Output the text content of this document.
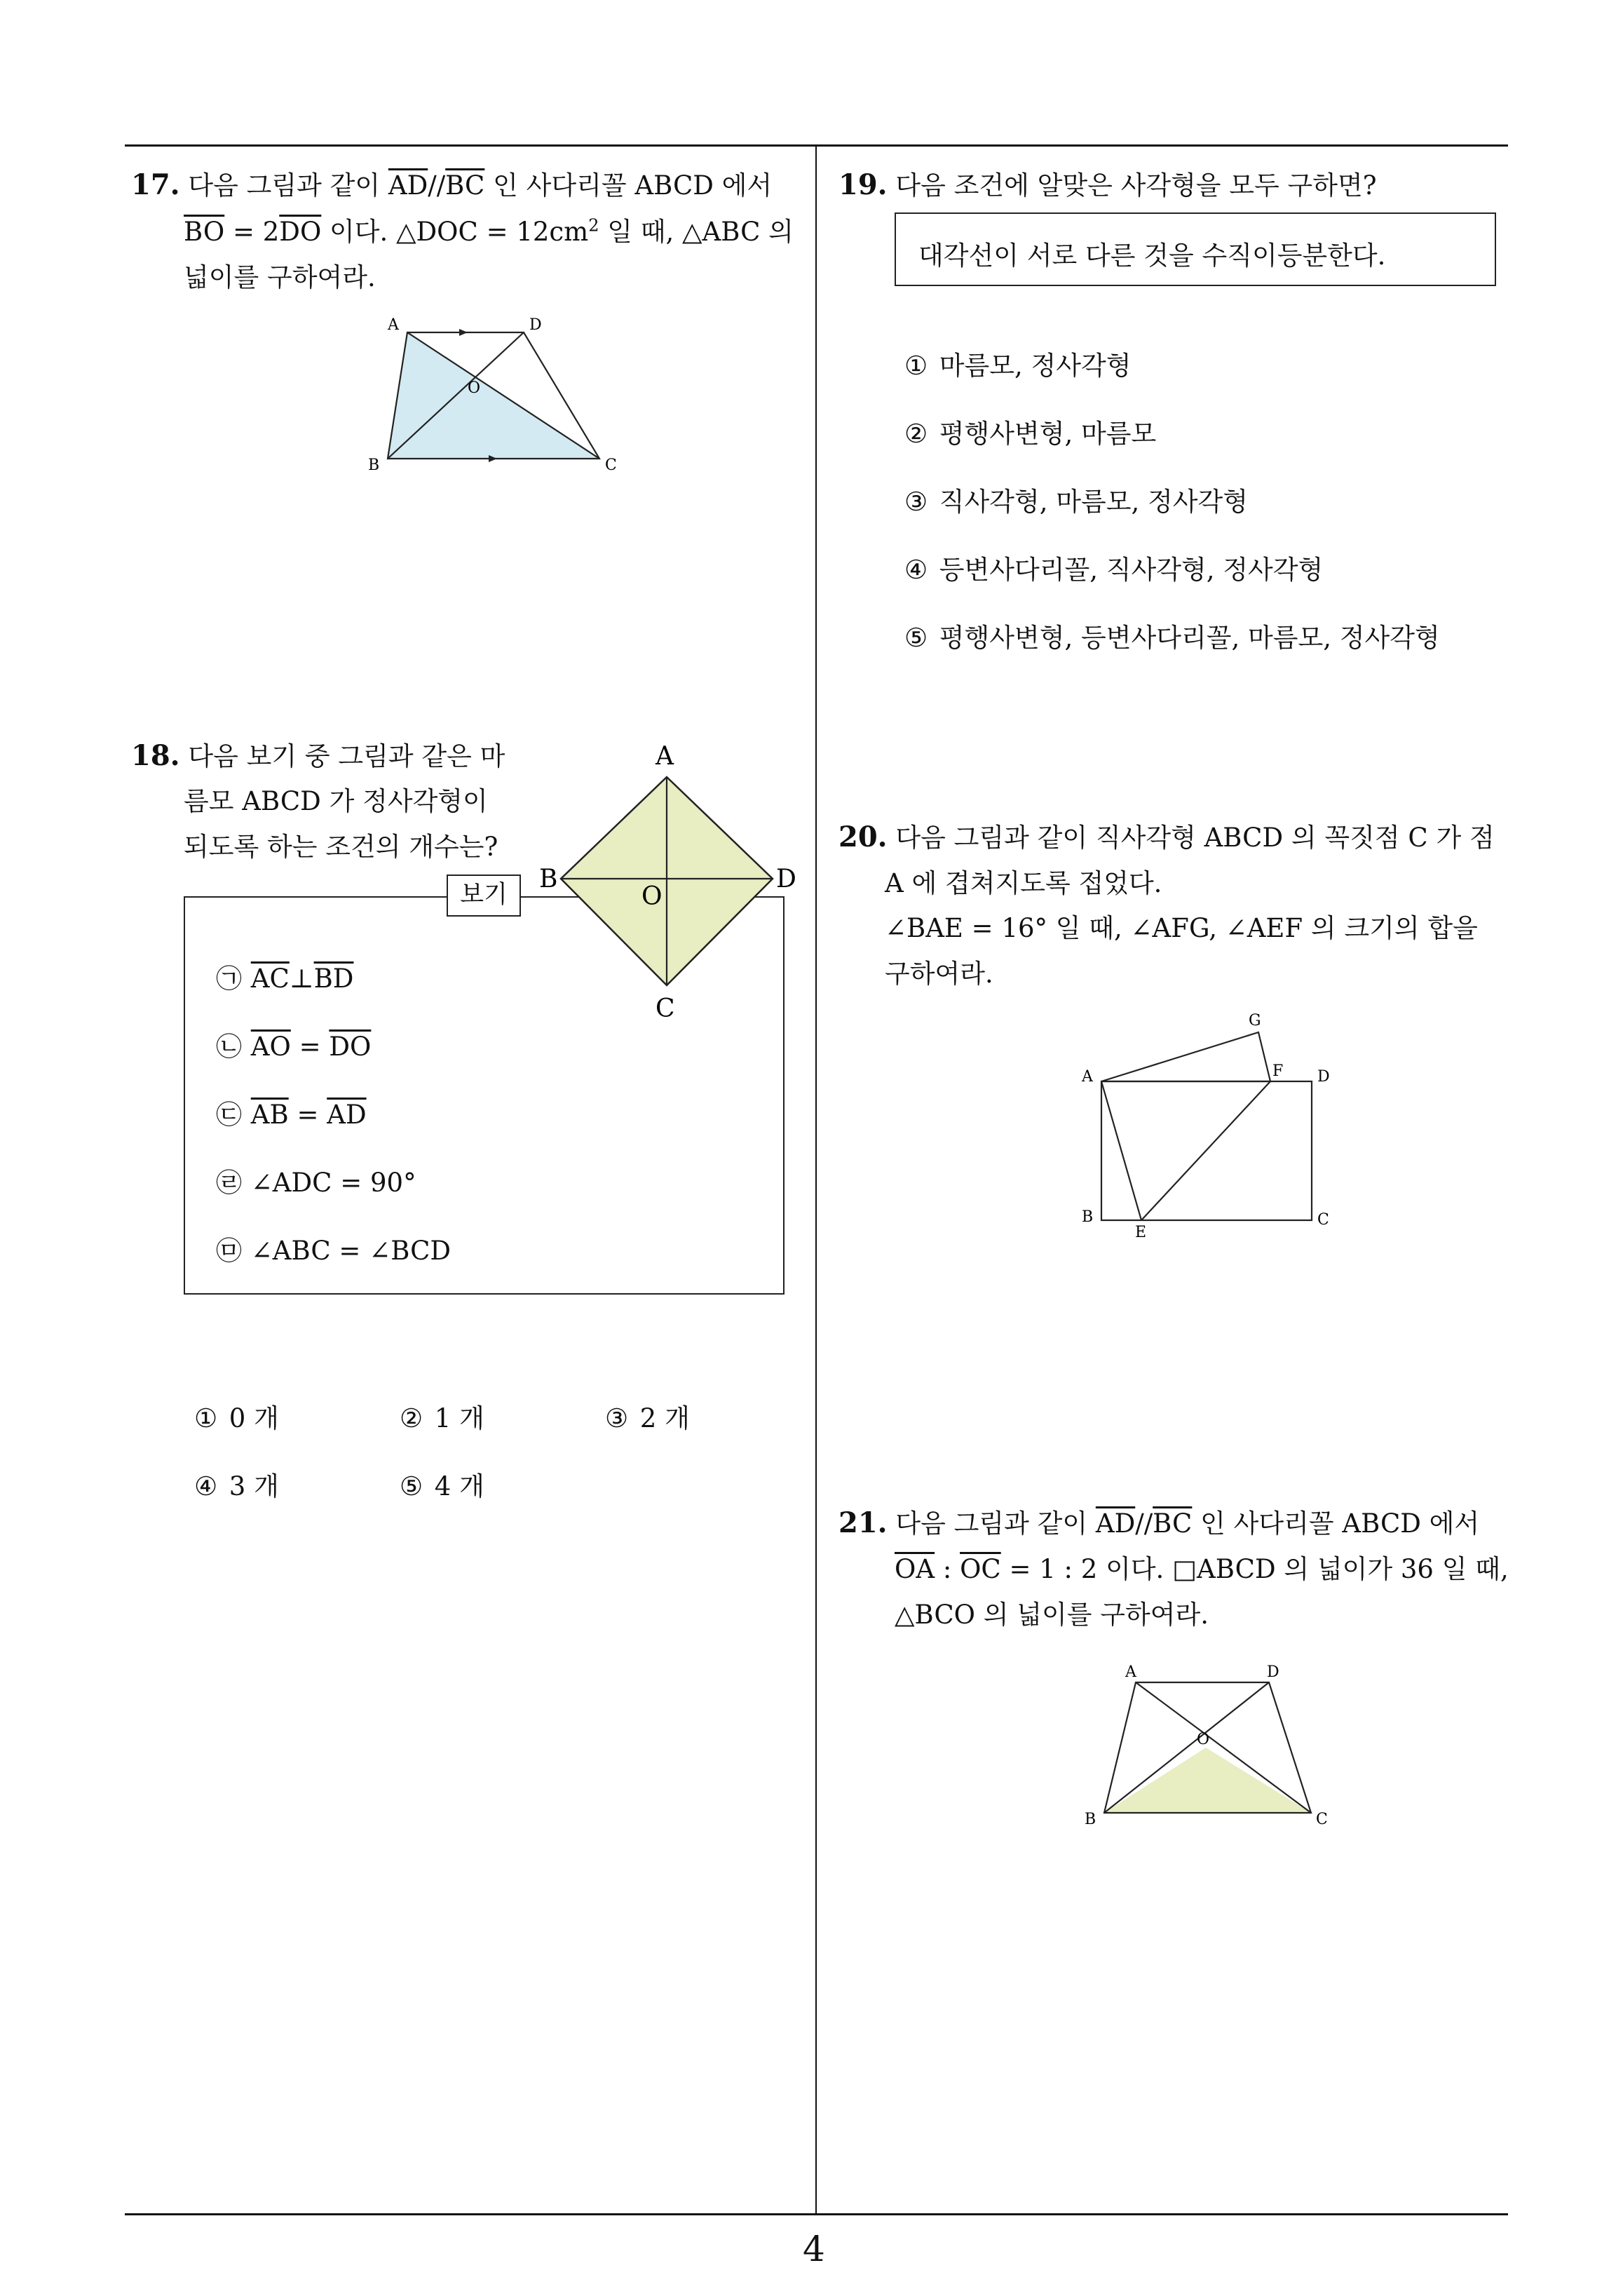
4
17. 다음 그림과 같이 $\overline{AD}//\overline{BC}$ 인 사다리꼴 ABCD 에서
$\overline{BO} = 2\overline{DO}$ 이다. △DOC = $12cm^2$ 일 때, △ABC 의
넓이를 구하여라.
A	D
O
B	C
18. 다음 보기 중 그림과 같은 마
름모 ABCD 가 정사각형이
되도록 하는 조건의 개수는?
보기
㉠ $\overline{AC}\perp\overline{BD}$
㉡ $\overline{AO} = \overline{DO}$
㉢ $\overline{AB} = \overline{AD}$
㉣ ∠ADC = 90°
㉤ ∠ABC = ∠BCD
A
B
O
D
C
① 0 개	② 1 개	③ 2 개
④ 3 개	⑤ 4 개
19. 다음 조건에 알맞은 사각형을 모두 구하면?
대각선이 서로 다른 것을 수직이등분한다.
① 마름모, 정사각형
② 평행사변형, 마름모
③ 직사각형, 마름모, 정사각형
④ 등변사다리꼴, 직사각형, 정사각형
⑤ 평행사변형, 등변사다리꼴, 마름모, 정사각형
20. 다음 그림과 같이 직사각형 ABCD 의 꼭짓점 C 가 점
A 에 겹쳐지도록 접었다.
∠BAE = 16° 일 때, ∠AFG, ∠AEF 의 크기의 합을
구하여라.
G
A	F D
B
E
C
21. 다음 그림과 같이 $\overline{AD}//\overline{BC}$ 인 사다리꼴 ABCD 에서
$\overline{OA}$ : $\overline{OC} = 1$ : 2 이다. □ABCD 의 넓이가 36 일 때,
△BCO 의 넓이를 구하여라.
A	D
O
B	C
